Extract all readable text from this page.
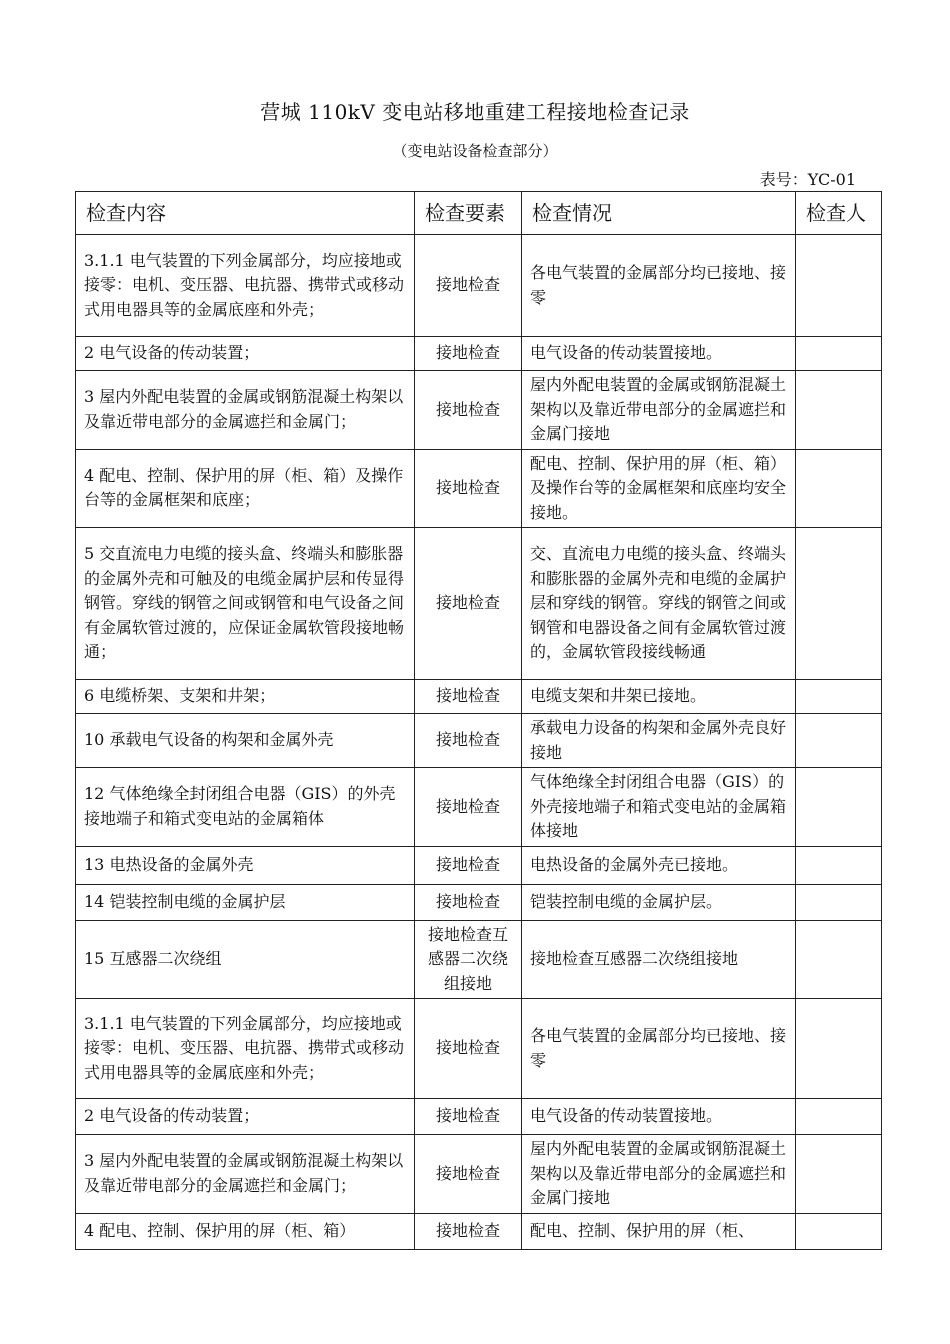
营城 110kV 变电站移地重建工程接地检查记录
（变电站设备检查部分）
表号：YC-01
检查内容	检查要素	检查情况	检查人
3.1.1 电气装置的下列金属部分，均应接地或接零：电机、变压器、电抗器、携带式或移动式用电器具等的金属底座和外壳；	接地检查	各电气装置的金属部分均已接地、接零	
2 电气设备的传动装置；	接地检查	电气设备的传动装置接地。	
3 屋内外配电装置的金属或钢筋混凝土构架以及靠近带电部分的金属遮拦和金属门；	接地检查	屋内外配电装置的金属或钢筋混凝土架构以及靠近带电部分的金属遮拦和金属门接地	
4 配电、控制、保护用的屏（柜、箱）及操作台等的金属框架和底座；	接地检查	配电、控制、保护用的屏（柜、箱）及操作台等的金属框架和底座均安全接地。	
5 交直流电力电缆的接头盒、终端头和膨胀器的金属外壳和可触及的电缆金属护层和传显得钢管。穿线的钢管之间或钢管和电气设备之间有金属软管过渡的，应保证金属软管段接地畅通；	接地检查	交、直流电力电缆的接头盒、终端头和膨胀器的金属外壳和电缆的金属护层和穿线的钢管。穿线的钢管之间或钢管和电器设备之间有金属软管过渡的，金属软管段接线畅通	
6 电缆桥架、支架和井架；	接地检查	电缆支架和井架已接地。	
10 承载电气设备的构架和金属外壳	接地检查	承载电力设备的构架和金属外壳良好接地	
12 气体绝缘全封闭组合电器（GIS）的外壳接地端子和箱式变电站的金属箱体	接地检查	气体绝缘全封闭组合电器（GIS）的外壳接地端子和箱式变电站的金属箱体接地	
13 电热设备的金属外壳	接地检查	电热设备的金属外壳已接地。	
14 铠装控制电缆的金属护层	接地检查	铠装控制电缆的金属护层。	
15 互感器二次绕组	接地检查互感器二次绕组接地	接地检查互感器二次绕组接地	
3.1.1 电气装置的下列金属部分，均应接地或接零：电机、变压器、电抗器、携带式或移动式用电器具等的金属底座和外壳；	接地检查	各电气装置的金属部分均已接地、接零	
2 电气设备的传动装置；	接地检查	电气设备的传动装置接地。	
3 屋内外配电装置的金属或钢筋混凝土构架以及靠近带电部分的金属遮拦和金属门；	接地检查	屋内外配电装置的金属或钢筋混凝土架构以及靠近带电部分的金属遮拦和金属门接地	
4 配电、控制、保护用的屏（柜、箱）	接地检查	配电、控制、保护用的屏（柜、	
